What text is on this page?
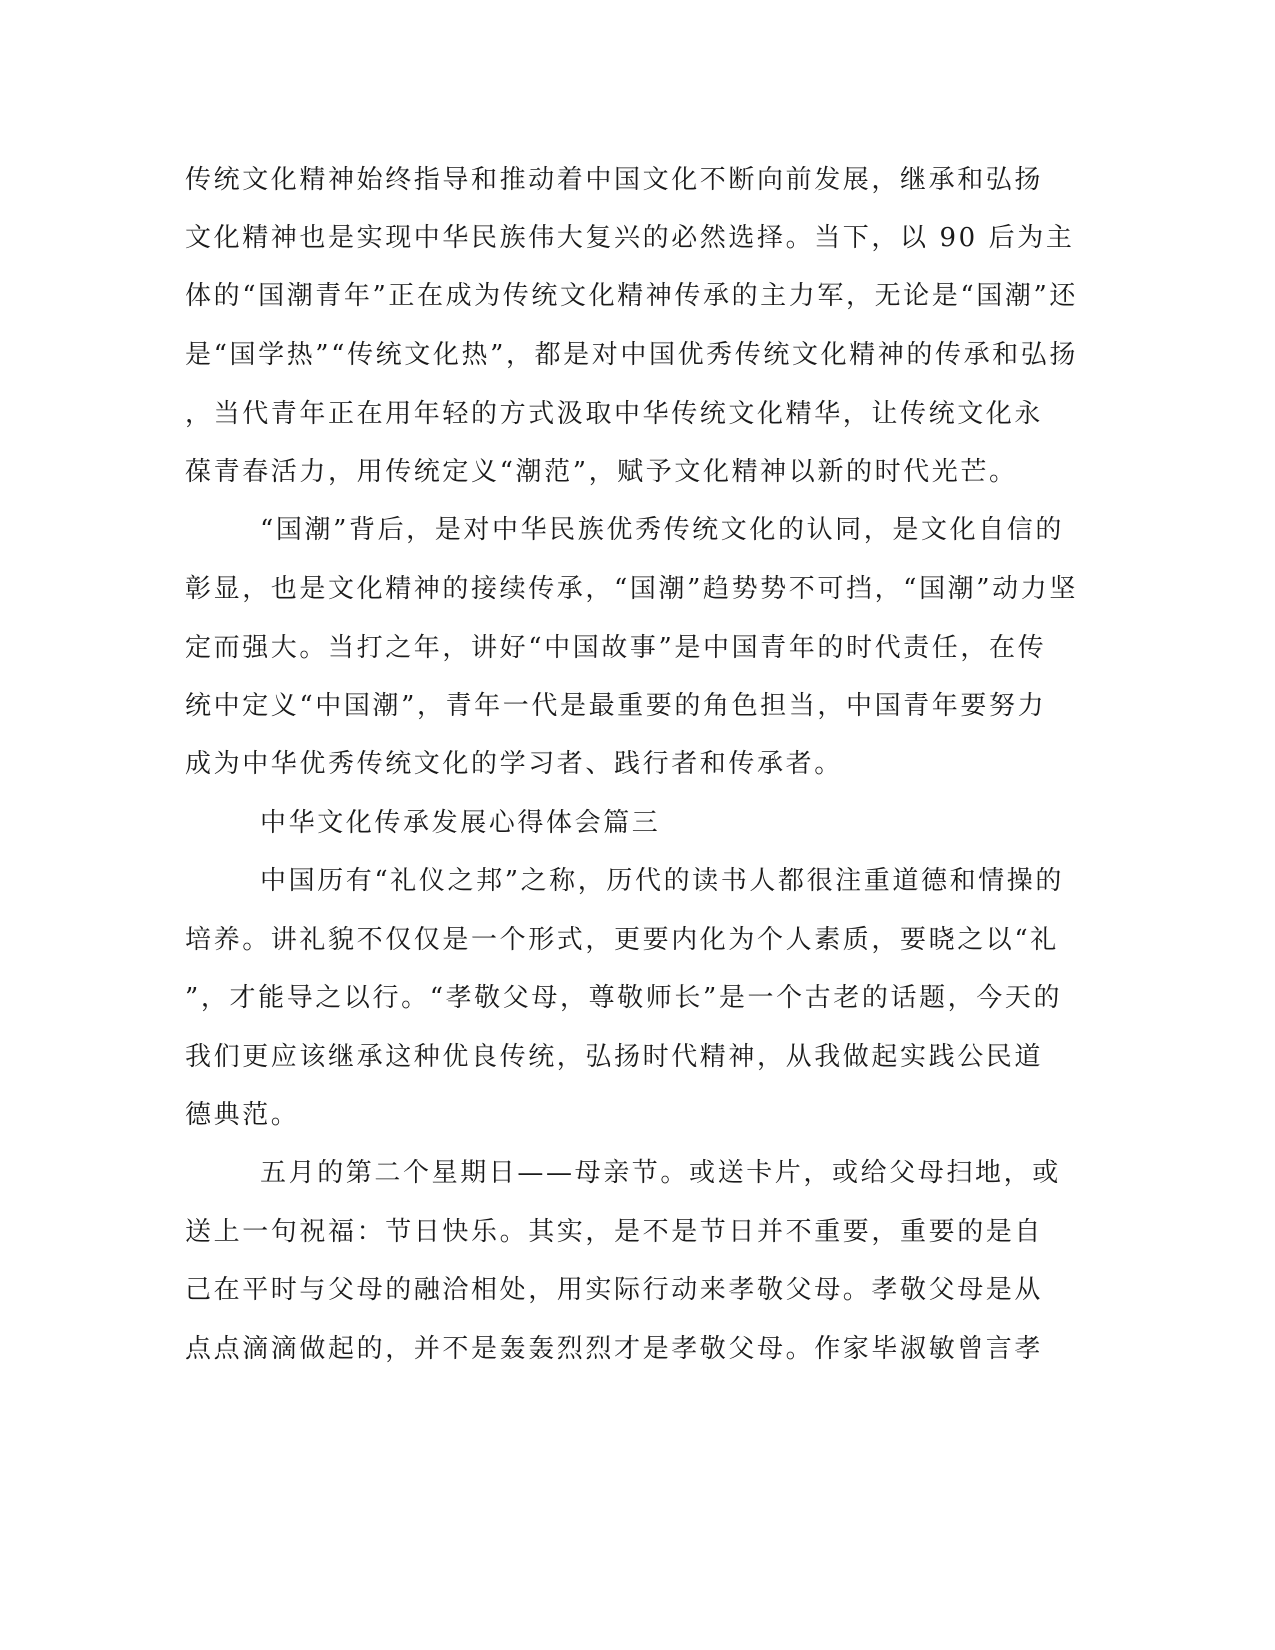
传统文化精神始终指导和推动着中国文化不断向前发展，继承和弘扬
文化精神也是实现中华民族伟大复兴的必然选择。当下，以 90 后为主
体的“国潮青年”正在成为传统文化精神传承的主力军，无论是“国潮”还
是“国学热”“传统文化热”，都是对中国优秀传统文化精神的传承和弘扬
，当代青年正在用年轻的方式汲取中华传统文化精华，让传统文化永
葆青春活力，用传统定义“潮范”，赋予文化精神以新的时代光芒。
“国潮”背后，是对中华民族优秀传统文化的认同，是文化自信的
彰显，也是文化精神的接续传承，“国潮”趋势势不可挡，“国潮”动力坚
定而强大。当打之年，讲好“中国故事”是中国青年的时代责任，在传
统中定义“中国潮”，青年一代是最重要的角色担当，中国青年要努力
成为中华优秀传统文化的学习者、践行者和传承者。
中华文化传承发展心得体会篇三
中国历有“礼仪之邦”之称，历代的读书人都很注重道德和情操的
培养。讲礼貌不仅仅是一个形式，更要内化为个人素质，要晓之以“礼
”，才能导之以行。“孝敬父母，尊敬师长”是一个古老的话题，今天的
我们更应该继承这种优良传统，弘扬时代精神，从我做起实践公民道
德典范。
五月的第二个星期日——母亲节。或送卡片，或给父母扫地，或
送上一句祝福：节日快乐。其实，是不是节日并不重要，重要的是自
己在平时与父母的融洽相处，用实际行动来孝敬父母。孝敬父母是从
点点滴滴做起的，并不是轰轰烈烈才是孝敬父母。作家毕淑敏曾言孝
